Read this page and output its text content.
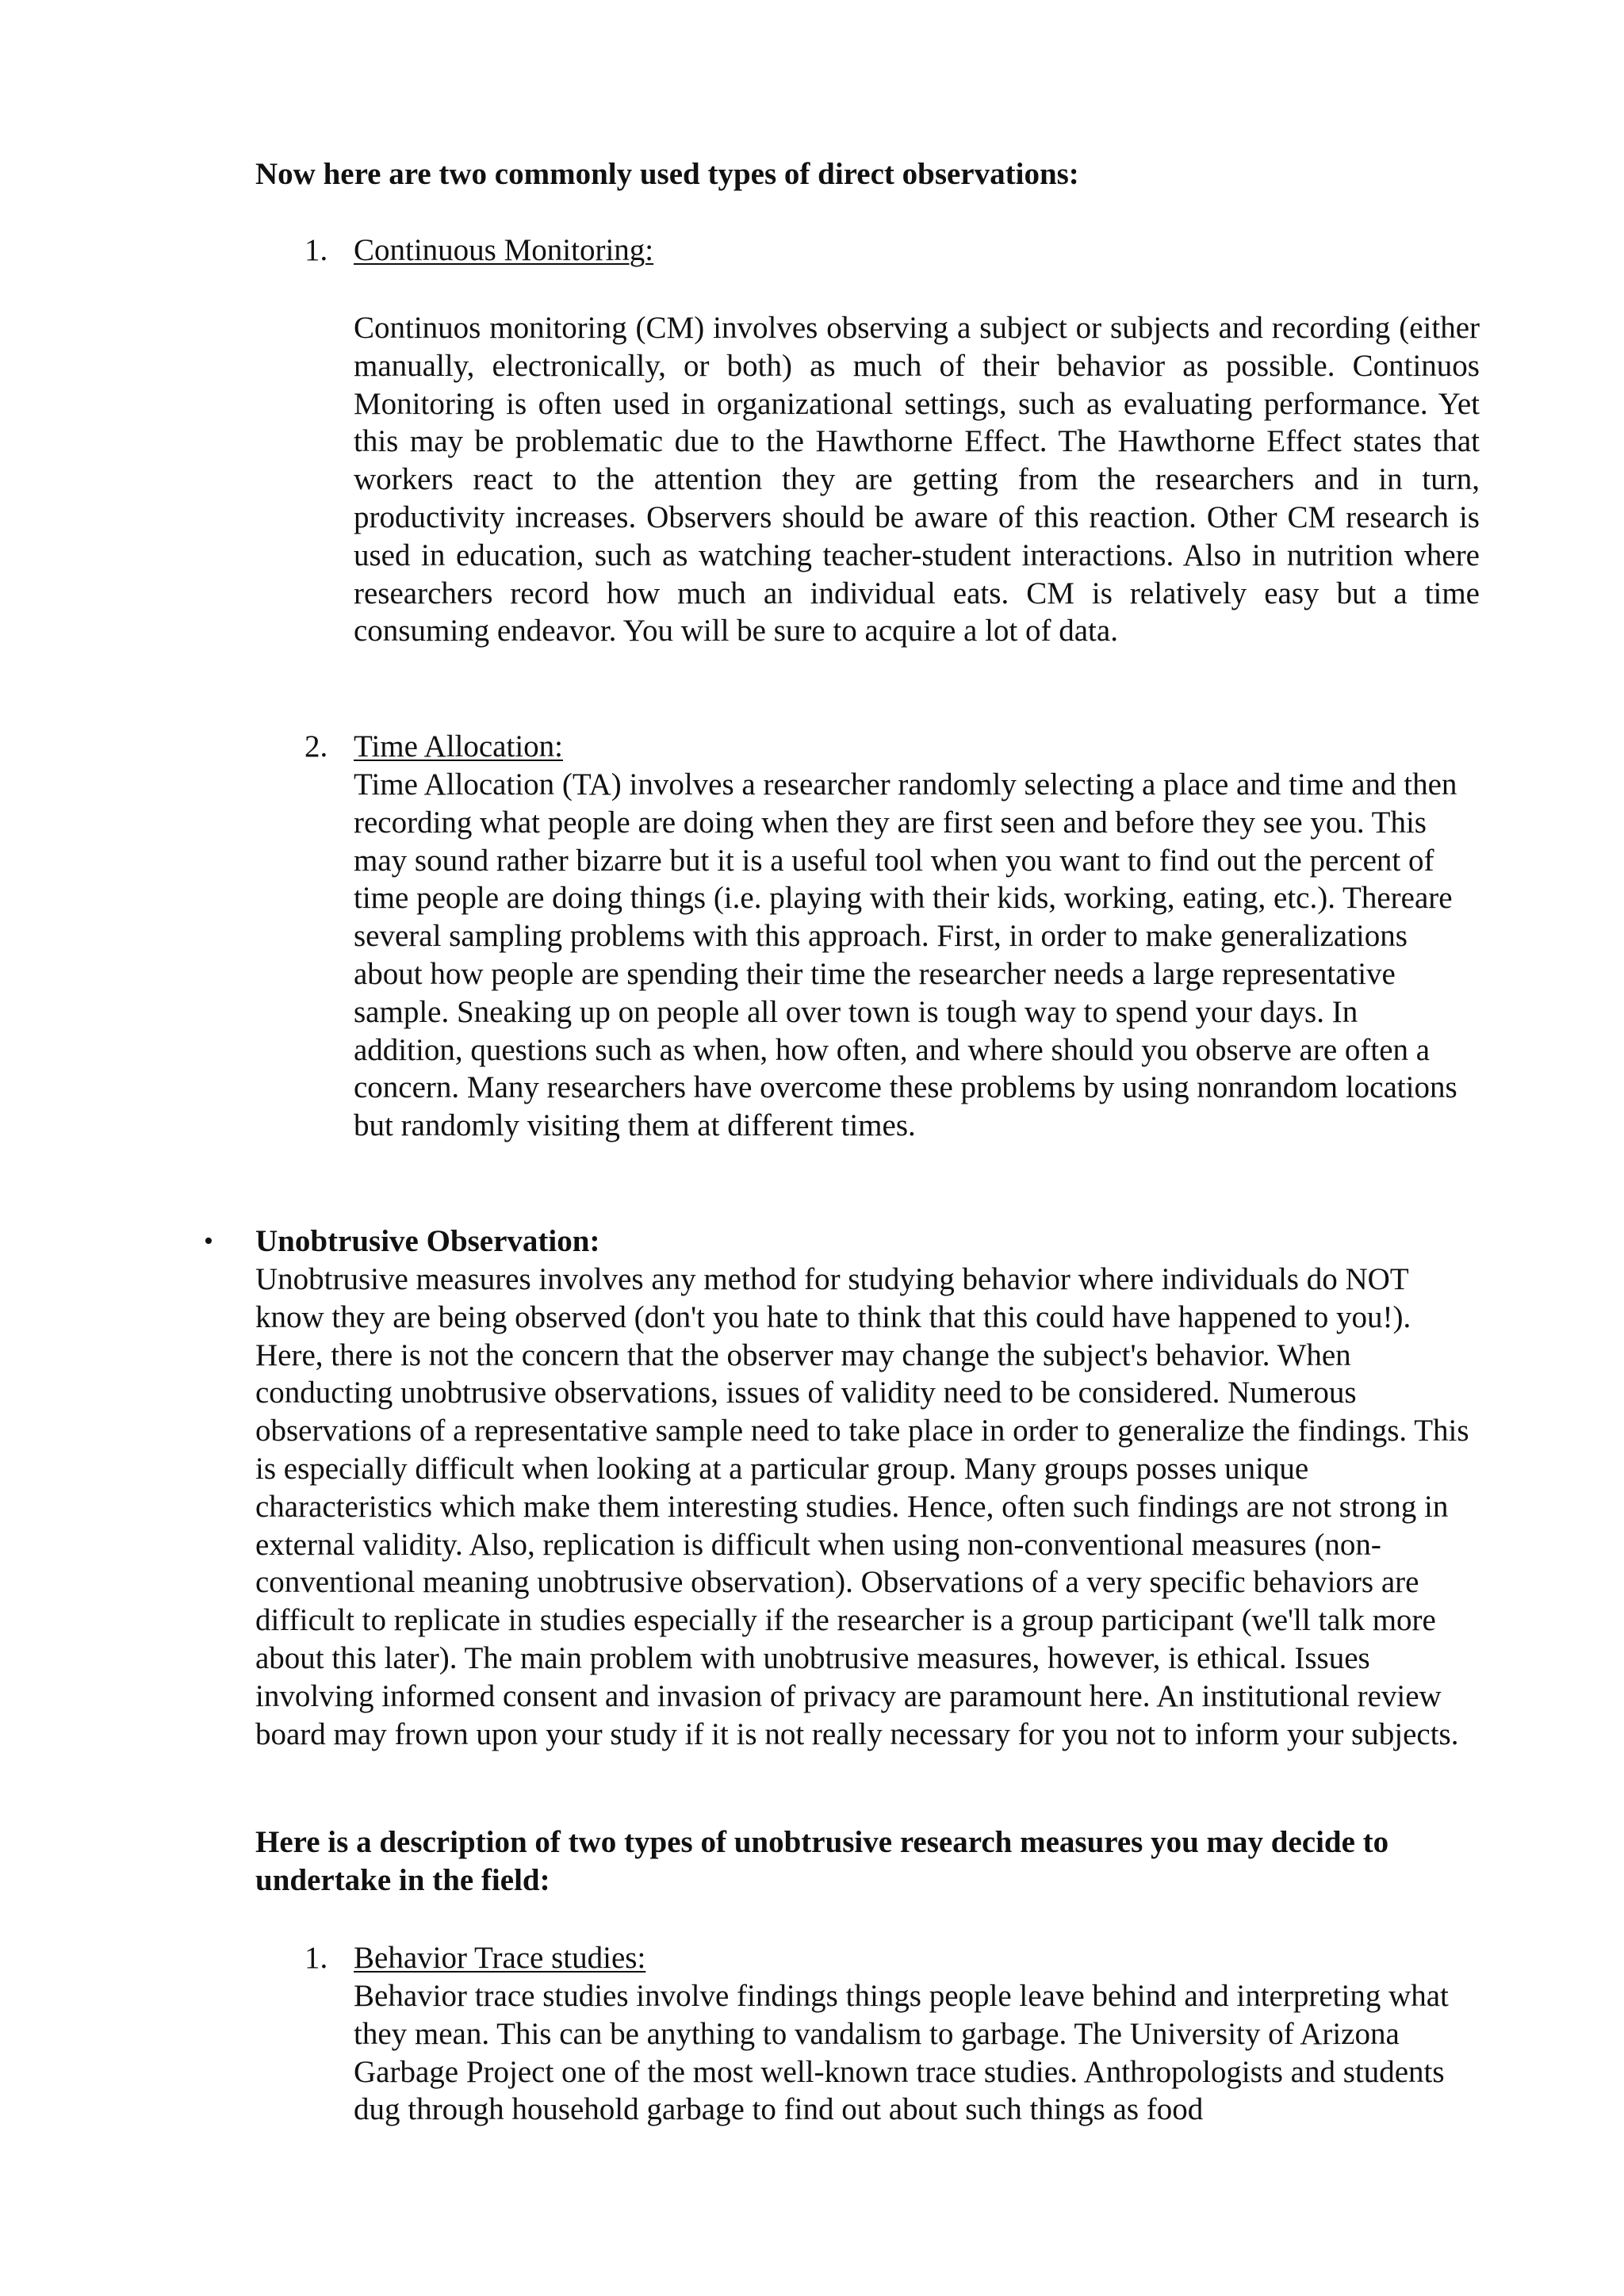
Now here are two commonly used types of direct observations:
1. Continuous Monitoring:

Continuos monitoring (CM) involves observing a subject or subjects and recording (either manually, electronically, or both) as much of their behavior as possible. Continuos Monitoring is often used in organizational settings, such as evaluating performance. Yet this may be problematic due to the Hawthorne Effect. The Hawthorne Effect states that workers react to the attention they are getting from the researchers and in turn, productivity increases. Observers should be aware of this reaction. Other CM research is used in education, such as watching teacher-student interactions. Also in nutrition where researchers record how much an individual eats. CM is relatively easy but a time consuming endeavor. You will be sure to acquire a lot of data.

2. Time Allocation:

Time Allocation (TA) involves a researcher randomly selecting a place and time and then recording what people are doing when they are first seen and before they see you. This may sound rather bizarre but it is a useful tool when you want to find out the percent of time people are doing things (i.e. playing with their kids, working, eating, etc.). Thereare several sampling problems with this approach. First, in order to make generalizations about how people are spending their time the researcher needs a large representative sample. Sneaking up on people all over town is tough way to spend your days. In addition, questions such as when, how often, and where should you observe are often a concern. Many researchers have overcome these problems by using nonrandom locations but randomly visiting them at different times.

• Unobtrusive Observation:

Unobtrusive measures involves any method for studying behavior where individuals do NOT know they are being observed (don't you hate to think that this could have happened to you!). Here, there is not the concern that the observer may change the subject's behavior. When conducting unobtrusive observations, issues of validity need to be considered. Numerous observations of a representative sample need to take place in order to generalize the findings. This is especially difficult when looking at a particular group. Many groups posses unique characteristics which make them interesting studies. Hence, often such findings are not strong in external validity. Also, replication is difficult when using non-conventional measures (non-conventional meaning unobtrusive observation). Observations of a very specific behaviors are difficult to replicate in studies especially if the researcher is a group participant (we'll talk more about this later). The main problem with unobtrusive measures, however, is ethical. Issues involving informed consent and invasion of privacy are paramount here. An institutional review board may frown upon your study if it is not really necessary for you not to inform your subjects.

Here is a description of two types of unobtrusive research measures you may decide to undertake in the field:
1. Behavior Trace studies:

Behavior trace studies involve findings things people leave behind and interpreting what they mean. This can be anything to vandalism to garbage. The University of Arizona Garbage Project one of the most well-known trace studies. Anthropologists and students dug through household garbage to find out about such things as food
